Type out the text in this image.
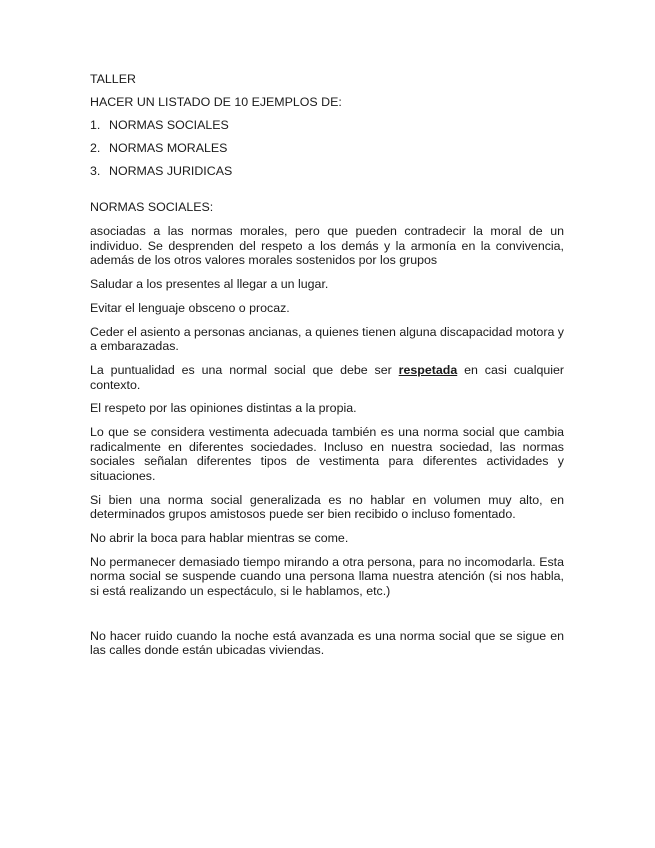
TALLER

HACER UN LISTADO DE 10 EJEMPLOS DE:

1. NORMAS SOCIALES
2. NORMAS MORALES
3. NORMAS JURIDICAS

NORMAS SOCIALES:

asociadas a las normas morales, pero que pueden contradecir la moral de un individuo. Se desprenden del respeto a los demás y la armonía en la convivencia, además de los otros valores morales sostenidos por los grupos

Saludar a los presentes al llegar a un lugar.

Evitar el lenguaje obsceno o procaz.

Ceder el asiento a personas ancianas, a quienes tienen alguna discapacidad motora y a embarazadas.

La puntualidad es una normal social que debe ser respetada en casi cualquier contexto.

El respeto por las opiniones distintas a la propia.

Lo que se considera vestimenta adecuada también es una norma social que cambia radicalmente en diferentes sociedades. Incluso en nuestra sociedad, las normas sociales señalan diferentes tipos de vestimenta para diferentes actividades y situaciones.

Si bien una norma social generalizada es no hablar en volumen muy alto, en determinados grupos amistosos puede ser bien recibido o incluso fomentado.

No abrir la boca para hablar mientras se come.

No permanecer demasiado tiempo mirando a otra persona, para no incomodarla. Esta norma social se suspende cuando una persona llama nuestra atención (si nos habla, si está realizando un espectáculo, si le hablamos, etc.)

No hacer ruido cuando la noche está avanzada es una norma social que se sigue en las calles donde están ubicadas viviendas.
